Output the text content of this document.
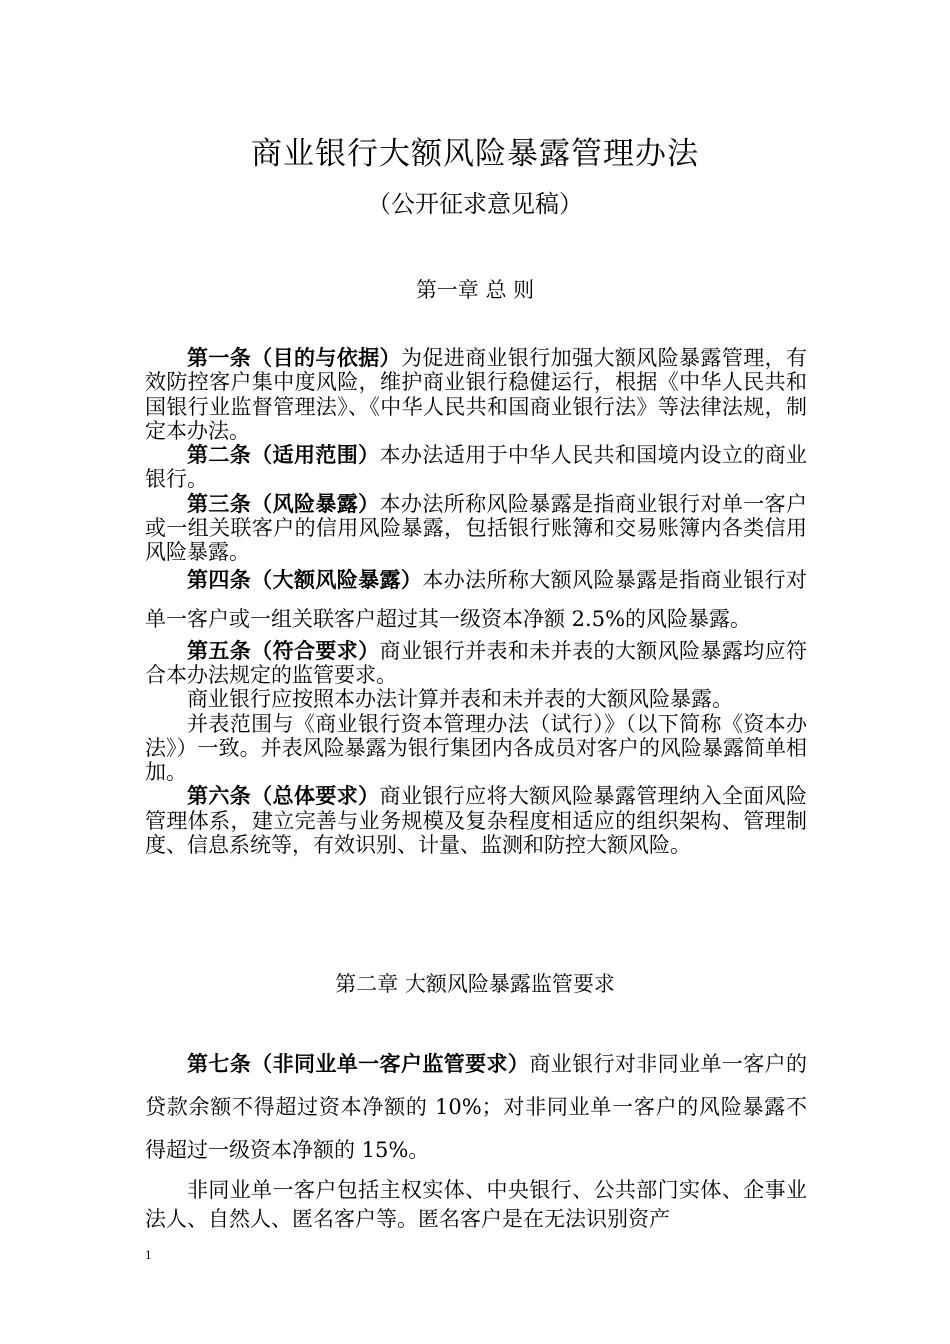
商业银行大额风险暴露管理办法
（公开征求意见稿）
第一章 总 则

第一条（目的与依据）为促进商业银行加强大额风险暴露管理，有效防控客户集中度风险，维护商业银行稳健运行，根据《中华人民共和国银行业监督管理法》、《中华人民共和国商业银行法》等法律法规，制定本办法。

第二条（适用范围）本办法适用于中华人民共和国境内设立的商业银行。

第三条（风险暴露）本办法所称风险暴露是指商业银行对单一客户或一组关联客户的信用风险暴露，包括银行账簿和交易账簿内各类信用风险暴露。

第四条（大额风险暴露）本办法所称大额风险暴露是指商业银行对单一客户或一组关联客户超过其一级资本净额 2.5%的风险暴露。

第五条（符合要求）商业银行并表和未并表的大额风险暴露均应符合本办法规定的监管要求。

商业银行应按照本办法计算并表和未并表的大额风险暴露。

并表范围与《商业银行资本管理办法（试行）》（以下简称《资本办法》）一致。并表风险暴露为银行集团内各成员对客户的风险暴露简单相加。

第六条（总体要求）商业银行应将大额风险暴露管理纳入全面风险管理体系，建立完善与业务规模及复杂程度相适应的组织架构、管理制度、信息系统等，有效识别、计量、监测和防控大额风险。

第二章 大额风险暴露监管要求

第七条（非同业单一客户监管要求）商业银行对非同业单一客户的贷款余额不得超过资本净额的 10%；对非同业单一客户的风险暴露不得超过一级资本净额的 15%。

非同业单一客户包括主权实体、中央银行、公共部门实体、企事业法人、自然人、匿名客户等。匿名客户是在无法识别资产

1
